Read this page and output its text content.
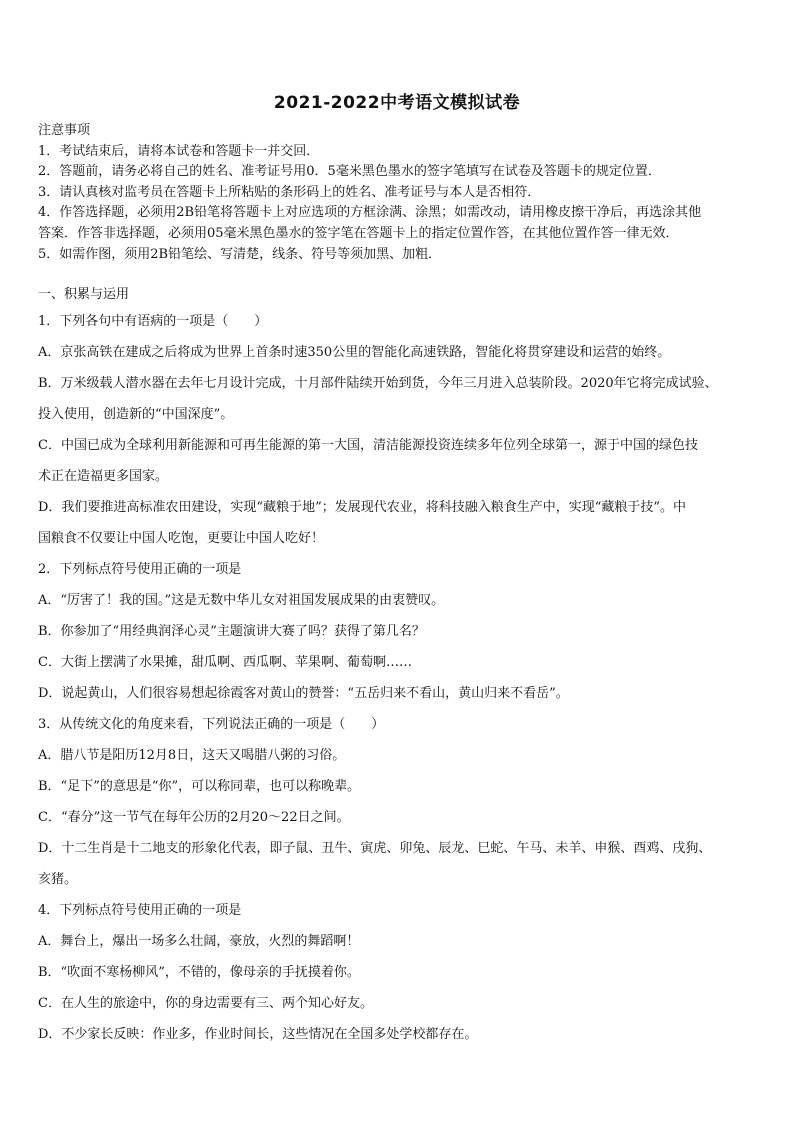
2021-2022中考语文模拟试卷
注意事项
1．考试结束后，请将本试卷和答题卡一并交回．
2．答题前，请务必将自己的姓名、准考证号用0．5毫米黑色墨水的签字笔填写在试卷及答题卡的规定位置．
3．请认真核对监考员在答题卡上所粘贴的条形码上的姓名、准考证号与本人是否相符．
4．作答选择题，必须用2B铅笔将答题卡上对应选项的方框涂满、涂黑；如需改动，请用橡皮擦干净后，再选涂其他
答案．作答非选择题，必须用05毫米黑色墨水的签字笔在答题卡上的指定位置作答，在其他位置作答一律无效．
5．如需作图，须用2B铅笔绘、写清楚，线条、符号等须加黑、加粗．
一、积累与运用
1．下列各句中有语病的一项是（　　）
A．京张高铁在建成之后将成为世界上首条时速350公里的智能化高速铁路，智能化将贯穿建设和运营的始终。
B．万米级载人潜水器在去年七月设计完成，十月部件陆续开始到货，今年三月进入总装阶段。2020年它将完成试验、
投入使用，创造新的“中国深度”。
C．中国已成为全球利用新能源和可再生能源的第一大国，清洁能源投资连续多年位列全球第一，源于中国的绿色技
术正在造福更多国家。
D．我们要推进高标准农田建设，实现“藏粮于地”；发展现代农业，将科技融入粮食生产中，实现“藏粮于技”。中
国粮食不仅要让中国人吃饱，更要让中国人吃好！
2．下列标点符号使用正确的一项是
A．“厉害了！我的国。”这是无数中华儿女对祖国发展成果的由衷赞叹。
B．你参加了“用经典润泽心灵”主题演讲大赛了吗？获得了第几名？
C．大街上摆满了水果摊，甜瓜啊、西瓜啊、苹果啊、葡萄啊……
D．说起黄山，人们很容易想起徐霞客对黄山的赞誉：“五岳归来不看山，黄山归来不看岳”。
3．从传统文化的角度来看，下列说法正确的一项是（　　）
A．腊八节是阳历12月8日，这天又喝腊八粥的习俗。
B．“足下”的意思是“你”，可以称同辈，也可以称晚辈。
C．“春分”这一节气在每年公历的2月20～22日之间。
D．十二生肖是十二地支的形象化代表，即子鼠、丑牛、寅虎、卯兔、辰龙、巳蛇、午马、未羊、申猴、酉鸡、戌狗、
亥猪。
4．下列标点符号使用正确的一项是
A．舞台上，爆出一场多么壮阔，豪放，火烈的舞蹈啊！
B．“吹面不寒杨柳风”，不错的，像母亲的手抚摸着你。
C．在人生的旅途中，你的身边需要有三、两个知心好友。
D．不少家长反映：作业多，作业时间长，这些情况在全国多处学校都存在。
